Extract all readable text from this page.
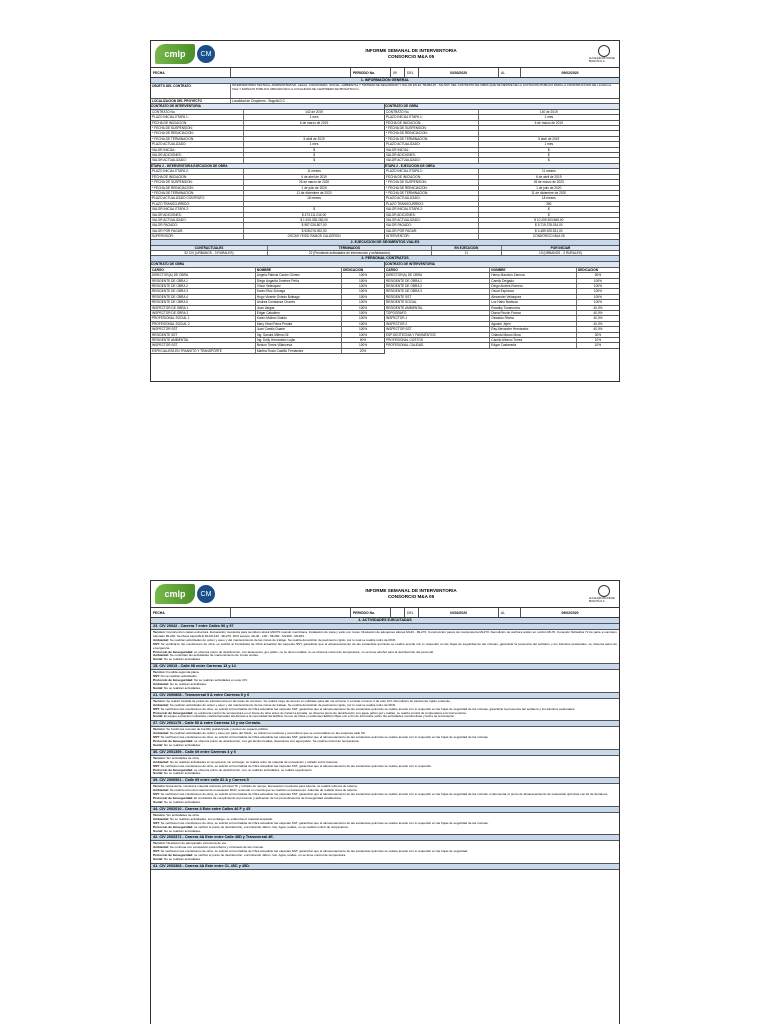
cmlp	CM	INFORME SEMANAL DE INTERVENTORIA
CONSORCIO M&A 05	ALCALDÍA MAYOR DE BOGOTÁ D.C.
FECHA	PERIODO No.	09	DEL	03/02/2020	AL	09/02/2020
1. INFORMACION GENERAL
OBJETO DEL CONTRATO	INTERVENTORIA TECNICA, ADMINISTRATIVA, LEGAL, FINANCIERA, SOCIAL, AMBIENTAL Y SISTEMA DE SEGURIDAD Y SALUD EN EL TRABAJO - SG-SST, DEL CONTRATO DE OBRA QUE SE DERIVE DE LA LICITACION PUBLICA PARA LA CONSTRUCCION DE LA MALLA VIAL Y ESPACIO PUBLICO UBICADO EN LA LOCALIDAD DE CHAPINERO EN BOGOTA D.C.
LOCALIZACION DEL PROYECTO	Localidad de Chapinero - Bogotá D.C.
CONTRATO DE INTERVENTORIA
CONTRATO No.	142 de 2019
PLAZO INICIAL ETAPA 1:	1 mes
FECHA DE INICIACION:	6 de marzo de 2019
* FECHA DE SUSPENSION:
* FECHA DE REINICIACION:
* FECHA DE TERMINACION:	5 abril de 2019
PLAZO ACTUALIZADO:	1 mes
VALOR INICIAL:	$
VALOR ADICIONES:	$
VALOR ACTUALIZADO:	$
CONTRATO DE OBRA
CONTRATO No.	140 de 2019
PLAZO INICIAL ETAPA 1:	1 mes
FECHA DE INICIACION:	6 de marzo de 2019
* FECHA DE SUSPENSION:
* FECHA DE REINICIACION:
* FECHA DE TERMINACION:	5 abril de 2019
PLAZO ACTUALIZADO:	1 mes
VALOR INICIAL:	$
VALOR ADICIONES:	$
VALOR ACTUALIZADO:	$
ETAPA 2 - INTERVENTORIA EJECUCION DE OBRA
PLAZO INICIAL ETAPA 2:	11 meses
FECHA DE INICIACION:	6 de abril de 2019
* FECHA DE SUSPENSION:	26 de marzo de 2020
* FECHA DE REINICIACION:	1 de julio de 2020
* FECHA DE TERMINACION:	11 de diciembre de 2020
PLAZO ACTUALIZADO CONTRATO:	18 meses
PLAZO TRANSCURRIDO:
VALOR INICIAL ETAPA 2:	$
VALOR ADICIONES:	$ 473.111.016,00
VALOR ACTUALIZADO:	$ 1.915.335.282,00
VALOR PAGADO:	$ 987.026.807,00
VALOR POR PAGAR:	$ 928.076.092,00
SUPERVISOR:	OSCAR YESID RAMOS CALDERON
ETAPA 2 - EJECUCION DE OBRA
PLAZO INICIAL ETAPA 2:	11 meses
FECHA DE INICIACION:	6 de abril de 2019
* FECHA DE SUSPENSION:	26 de marzo de 2020
* FECHA DE REINICIACION:	1 de julio de 2020
* FECHA DE TERMINACION:	11 de diciembre de 2020
PLAZO ACTUALIZADO:	18 meses
PLAZO TRANSCURRIDO:	350
VALOR INICIAL ETAPA 2:	$
VALOR ADICIONES:	$
VALOR ACTUALIZADO:	$ 10.209.303.565,00
VALOR PAGADO:	$ 5.719.378.034,00
VALOR POR PAGAR:	$ 4.489.925.531,00
INTERVENTOR:	CONSORCIO M&A 05
2. EJECUCION DE SEGMENTOS VIALES
CONTRACTUALES	TERMINADOS	EN EJECUCION	POR INICIAR
52 CIV (URBANOS - 3 RURALES)	22 (Pendiente actividades de intervención y señalización)	11	19 (URBANOS - 3 RURALES)
3. PERSONAL CONTRATOS
CONTRATO DE OBRA
CARGO	NOMBRE	DEDICACION
DIRECTOR(A) DE OBRA	Angela Patricia Castro Gómez	100%
RESIDENTE DE OBRA 1	Diego Angarita Jiménez Peña	100%
RESIDENTE DE OBRA 2	Víctor Velasquez	100%
RESIDENTE DE OBRA 3	Karen Ruiz Zuluaga	100%
RESIDENTE DE OBRA 4	Hugo Vicente Oviedo Buitrago	100%
RESIDENTE DE OBRA 5	Andrea Constanza Chaves	100%
INSPECTOR DE OBRA 1	Juan Vargas	100%
INSPECTOR DE OBRA 2	Edgar Caballero	100%
PROFESIONAL SOCIAL 1	Karen Molina Giraldo	100%
PROFESIONAL SOCIAL 2	Mary Yesel Parra Peralta	100%
INSPECTOR SST	Juan Camilo Duarte	100%
RESIDENTE SST	Ing. Sandra Milena Gil	100%
RESIDENTE AMBIENTAL	Ing. Dolly Hernández Luján	50%
INSPECTOR SST	Nelson Torres Villanueva	100%
ESPECIALISTA EN TRANSITO Y TRANSPORTE	Martha Rocio Castillo Fernández	20%
CONTRATO DE INTERVENTORIA
CARGO	NOMBRE	DEDICACION
DIRECTOR(A) DE OBRA	Henry Mauricio Zamora	50%
RESIDENTE DE OBRA 1	Camilo Delgado	100%
RESIDENTE DE OBRA 2	Diego Andrés Romero	100%
RESIDENTE DE OBRA 3	Oscar Espinosa	100%
RESIDENTE SST	Alexander Velásquez	100%
RESIDENTE SOCIAL	Luz Hahn Barbosa	100%
RESIDENTE AMBIENTAL	Rosalby Tocaruncho	40,0%
TOPOGRAFO	Diana Pinzón Franco	40,0%
INSPECTOR 1	Oswaldo Rivera	40,0%
INSPECTOR 2	Agustín Jején	40,0%
INSPECTOR SST	Ray Alexander Hernández	40,0%
ESP.GEOTECNIA Y PAVIMENTOS	Orlando Mauro Mora	30%
PROFESIONAL COSTOS	Camilo Alfonso Torres	10%
PROFESIONAL CALIDAD	Edgar Castaneda	10%
cmlp	CM	INFORME SEMANAL DE INTERVENTORIA
CONSORCIO M&A 05	ALCALDÍA MAYOR DE BOGOTÁ D.C.
FECHA	PERIODO No.	DEL	03/02/2020	AL	09/02/2020
4. ACTIVIDADES EJECUTADAS
23. CIV 20042 - Carrera 7 entre Calles 96 y 97
Tecnico: Construcción capas estructura. Excavación mecánica para sumidero altura MLD70 cuando membrana. Instalación de capa y sello con rocas. Nivelación de adoquines alturas ML40 - ML270. Construcción pasos de mampostería ML270. Demolición de anchura andén en cordón ML70. Conexión hidráulica 72 de parte a sumidero afectado ML240. Se libera capa MLD 60-ML140 - ML270, 40% avance. ML40 - 100 - ML260 - ML260 - ML284.
Ambiental: Se realizan actividades de orden y aseo y del mantenimiento de las zonas de trabajo. Se realiza demolición de pavimento rígido, por lo cual se realiza retiro de RCD.
SST: Se verificaron las condiciones de obra, se solicitó al Contratista de Obra actualizar las carpetas SST, garantizar que el almacenamiento de las sustancias químicas se realice acorde con lo requerido en las hojas de seguridad de las mismas, garantizar la presencia del señalero y los tránsitos peatonales, se observa aviso de emergencia.
Protocolo de bioseguridad: se observa punto de desinfección, con lavamanos, gel, jabón, no se tienen toallas; no se observa control de temperatura, no se tiene alcohol para la desinfección del personal.
Ambiental: Se continúan las actividades de mantenimiento de zonas verdes.
Social: No se realizan actividades.
15. CIV 20015 - Calle 98 entre Carreras 13 y 14
Tecnico: Fundida segunda placa.
SST: No se realizan actividades.
Protocolo de bioseguridad: No se realizan actividades en este CIV.
Ambiental: No se realizan actividades.
Social: No se realizan actividades.
21. CIV 2000808 - Transversal 5 A entre Carreras 5 y 6
Tecnico: Se realizó fundida de juntas de transferencia en las losas de concreto. Se realiza riego de acceso en subbase para dar vía al tramo 1 a iniciar el tramo 2 de este CIV. Demolición de pavimento rígido existente.
Ambiental: Se realizan actividades de orden y aseo y del mantenimiento de las zonas de trabajo. Se realiza demolición de pavimento rígido, por lo cual se realiza retiro de RCD.
SST: Se verificaron las condiciones de obra, se solicitó al Contratista de Obra actualizar las carpetas SST, garantizar que el almacenamiento de las sustancias químicas se realice acorde con lo requerido en las hojas de seguridad de las mismas, garantizar la presencia del señalero y los tránsitos peatonales.
Protocolo de bioseguridad: se evidencia control de temperatura en el frente de obra antes de iniciar la jornada, se observa punto de desinfección con agua, jabón gel y toallas, se realiza control de temperatura a la interventoría.
Social: El equipo social del contratista, realiza llamadas telefónicas a la comunidad del Edificio Conos de Oliva y residentes Edificio Pijao con el fin de informarle sobre las actividades constructivas y fecha de terminación.
37. CIV 2001175 - Calle 50 A entre Carreras 13 y vía Cerrada.
Tecnico: Se fundió las cunetas de bordillo prefabricado y ductos de espacio público.
Ambiental: Se realizan actividades de orden y aseo por parte del SGAL, se retiran los residuos y escombros que se encontraban en las esquinas calle 50.
SST: Se verificaron las condiciones de obra, se solicitó al Contratista de Obra actualizar las carpetas SST, garantizar que el almacenamiento de las sustancias químicas se realice acorde con lo requerido en las hojas de seguridad de las mismas.
Protocolo de bioseguridad: se observa punto de desinfección, con gel alcohol toallas, lavamanos con agua jabón. Se realiza control de temperatura.
Social: No se realizan actividades.
36. CIV 2001359 - Calle 69 entre Carreras 4 y 5
Tecnico: Sin actividades de obra.
Ambiental: No se realizan actividades en la semana; sin embargo, se realiza retiro de material de excavación y sellado sobre basuras.
SST: Se verificaron las condiciones de obra, se solicitó al Contratista de Obra actualizar las carpetas SST, garantizar que el almacenamiento de las sustancias químicas se realice acorde con lo requerido.
Protocolo de bioseguridad: se observa punto de desinfección, con no realizan actividades, se realiza seguimiento.
Social: No se realizan actividades.
39. CIV 2000561 - Calle 69 entre calle 82 A y Carrera 5
Tecnico: Excavación mecánica material sobrante principal TF y retirado de campo. Excavación mecánica para tubería, se realiza rellenos de tubería.
Ambiental: Se realiza retiro del material de excavación RCD, teniendo en cuenta que se realizan excavaciones. Además de realizar línea de tubería.
SST: Se verificaron las condiciones de obra, se solicitó al Contratista de Obra actualizar las carpetas SST, garantizar que el almacenamiento de las sustancias químicas se realice acorde con lo requerido en las hojas de seguridad de las mismas, implementar el punto de almacenamiento de sustancias químicas con kit de derrames.
Protocolo de bioseguridad: El contratista da cumplimiento al protocolo y aplicación de los procedimientos de bioseguridad establecidos.
Social: No se realizan actividades.
44. CIV 2002010 - Carrera 4 Este entre Calles 46 F y 45
Tecnico: Sin actividades de obra.
Ambiental: No se realizan actividades, sin embargo, se evidencia el material acopiado.
SST: Se verificaron las condiciones de obra, se solicitó al Contratista de Obra actualizar las carpetas SST, garantizar que el almacenamiento de las sustancias químicas se realice acorde con lo requerido en las hojas de seguridad de las mismas.
Protocolo de bioseguridad: se verificó el punto de desinfección, encontrando Jabón, Gel, Agua, toallas, no se realiza control de temperatura.
Social: No se realizan actividades.
42. CIV 2003372 - Carrera 4A Este entre Calle 45D y Transversal 4E.
Tecnico: Nivelación de adoquinado estructura de vía.
Ambiental: Se continua con excavación para tubería y el llenado de las mismas.
SST: Se verificaron las condiciones de obra, se solicitó al Contratista de Obra actualizar las carpetas SST, garantizar que el almacenamiento de las sustancias químicas se realice acorde con lo requerido en las hojas de seguridad.
Protocolo de bioseguridad: se verificó el punto de desinfección, encontrando Jabón, Gel, Agua, toallas, no se tiene control de temperatura.
Social: No se realizan actividades.
41. CIV 2003368 - Carrera 4A Este entre CL 45C y 45D.
